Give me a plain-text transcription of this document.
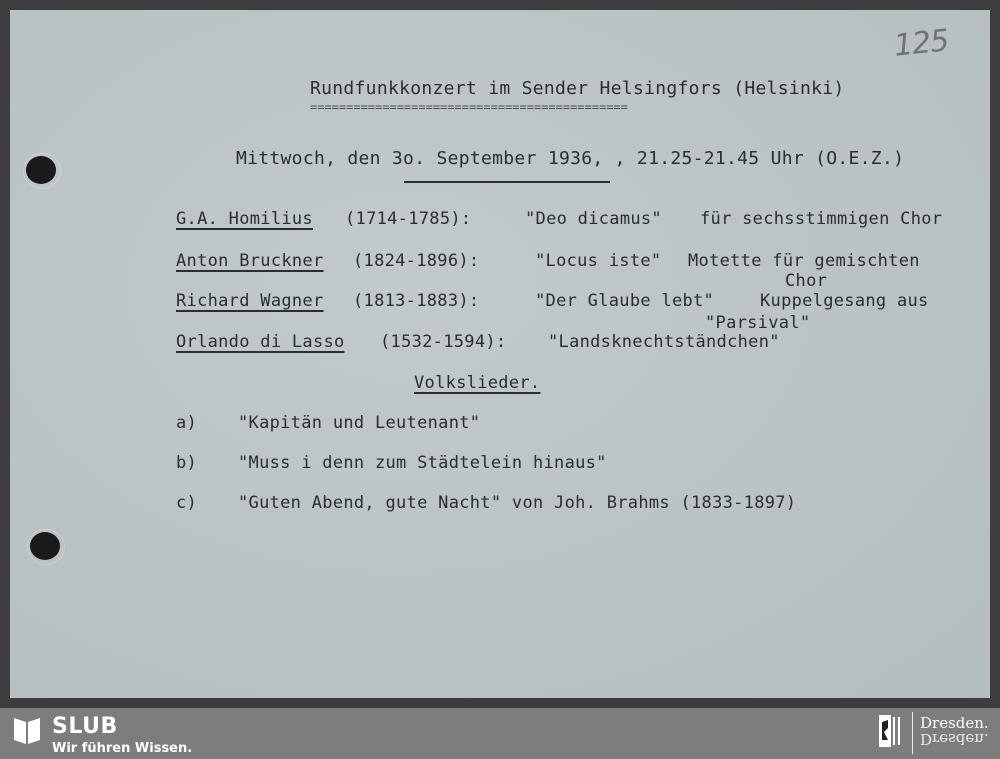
125
Rundfunkkonzert im Sender Helsingfors (Helsinki)
============================================
Mittwoch, den 3o. September 1936, , 21.25-21.45 Uhr (O.E.Z.)
G.A. Homilius (1714-1785):	"Deo dicamus" für sechsstimmigen Chor
Anton Bruckner (1824-1896):	"Locus iste" Motette für gemischten
Chor
Richard Wagner (1813-1883):	"Der Glaube lebt"	Kuppelgesang aus
"Parsival"
Orlando di Lasso (1532-1594): "Landsknechtständchen"
Volkslieder.
a) "Kapitän und Leutenant"
b) "Muss i denn zum Städtelein hinaus"
c) "Guten Abend, gute Nacht" von Joh. Brahms (1833-1897)
SLUB
Wir führen Wissen.
Dresden.
Dresden.
